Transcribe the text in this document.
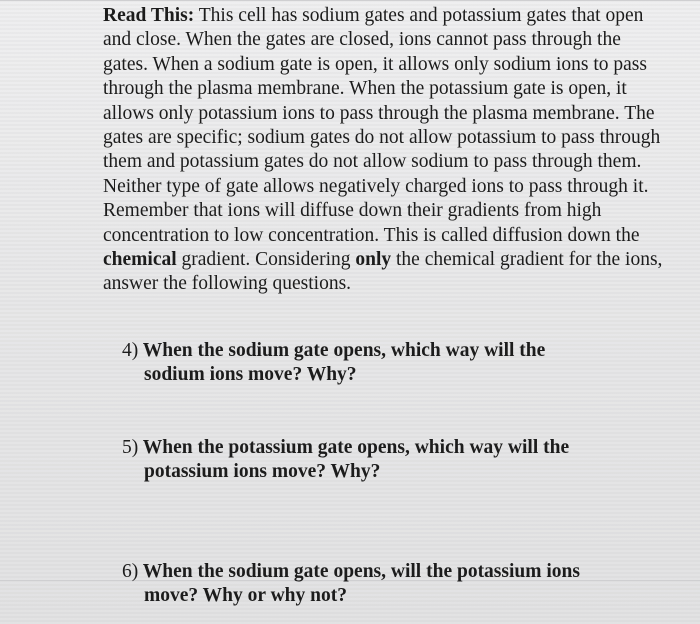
Read This: This cell has sodium gates and potassium gates that open and close. When the gates are closed, ions cannot pass through the gates. When a sodium gate is open, it allows only sodium ions to pass through the plasma membrane. When the potassium gate is open, it allows only potassium ions to pass through the plasma membrane. The gates are specific; sodium gates do not allow potassium to pass through them and potassium gates do not allow sodium to pass through them. Neither type of gate allows negatively charged ions to pass through it.

Remember that ions will diffuse down their gradients from high concentration to low concentration. This is called diffusion down the chemical gradient. Considering only the chemical gradient for the ions, answer the following questions.

4) When the sodium gate opens, which way will the
sodium ions move? Why?
5) When the potassium gate opens, which way will the
potassium ions move? Why?
6) When the sodium gate opens, will the potassium ions
move? Why or why not?
